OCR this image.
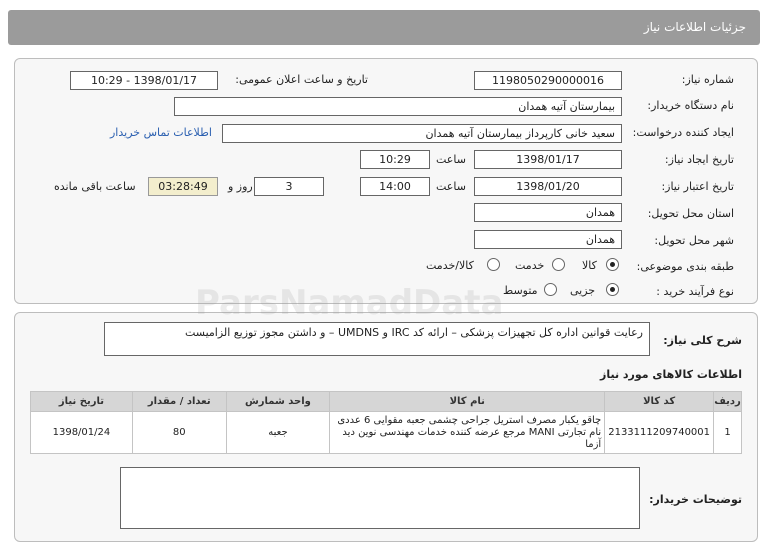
جزئیات اطلاعات نیاز
شماره نیاز:
1198050290000016
تاریخ و ساعت اعلان عمومی:
1398/01/17 - 10:29
نام دستگاه خریدار:
بیمارستان آتیه همدان
ایجاد کننده درخواست:
سعید خانی کارپرداز بیمارستان آتیه همدان
اطلاعات تماس خریدار
تاریخ ایجاد نیاز:
1398/01/17
ساعت
10:29
تاریخ اعتبار نیاز:
1398/01/20
ساعت
14:00
3
روز و
03:28:49
ساعت باقی مانده
استان محل تحویل:
همدان
شهر محل تحویل:
همدان
طبقه بندی موضوعی:
کالا
خدمت
کالا/خدمت
نوع فرآیند خرید :
جزیی
متوسط
شرح کلی نیاز:
رعایت قوانین اداره کل تجهیزات پزشکی – ارائه کد IRC و UMDNS – و داشتن مجوز توزیع الزامیست
اطلاعات کالاهای مورد نیاز
ردیف	کد کالا	نام کالا	واحد شمارش	تعداد / مقدار	تاریخ نیاز
1	2133111209740001	چاقو یکبار مصرف استریل جراحی چشمی جعبه مقوایی 6 عددی نام تجارتی MANI مرجع عرضه کننده خدمات مهندسی نوین دید آزما	جعبه	80	1398/01/24
توضیحات خریدار:
